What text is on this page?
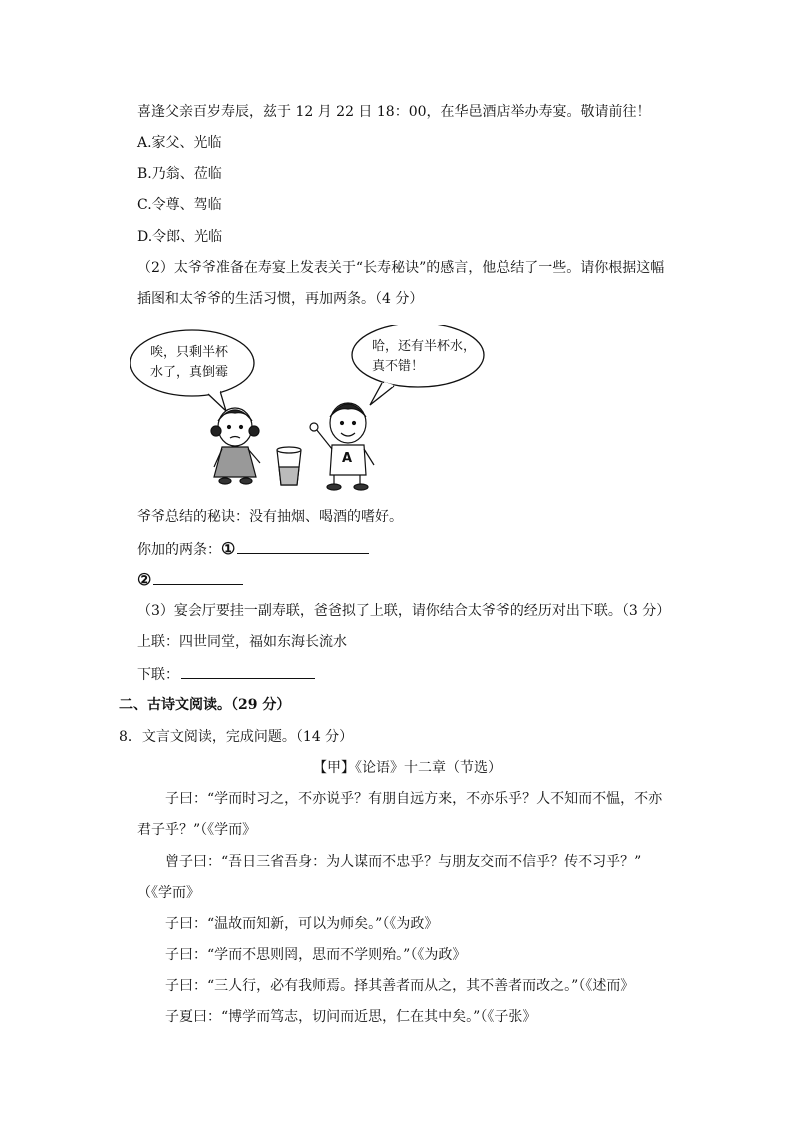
喜逢父亲百岁寿辰，兹于 12 月 22 日 18：00，在华邑酒店举办寿宴。敬请前往！
A.家父、光临
B.乃翁、莅临
C.令尊、驾临
D.令郎、光临
（2）太爷爷准备在寿宴上发表关于“长寿秘诀”的感言，他总结了一些。请你根据这幅
插图和太爷爷的生活习惯，再加两条。（4 分）
唉，只剩半杯
水了，真倒霉
哈，还有半杯水，
真不错！
A
爷爷总结的秘诀：没有抽烟、喝酒的嗜好。
你加的两条：①
②
（3）宴会厅要挂一副寿联，爸爸拟了上联，请你结合太爷爷的经历对出下联。（3 分）
上联：四世同堂，福如东海长流水
下联：
二、古诗文阅读。（29 分）
8．文言文阅读，完成问题。（14 分）
【甲】《论语》十二章（节选）
子曰：“学而时习之，不亦说乎？有朋自远方来，不亦乐乎？人不知而不愠，不亦
君子乎？”（《学而》
曾子曰：“吾日三省吾身：为人谋而不忠乎？与朋友交而不信乎？传不习乎？”
（《学而》
子曰：“温故而知新，可以为师矣。”（《为政》
子曰：“学而不思则罔，思而不学则殆。”（《为政》
子曰：“三人行，必有我师焉。择其善者而从之，其不善者而改之。”（《述而》
子夏曰：“博学而笃志，切问而近思，仁在其中矣。”（《子张》
